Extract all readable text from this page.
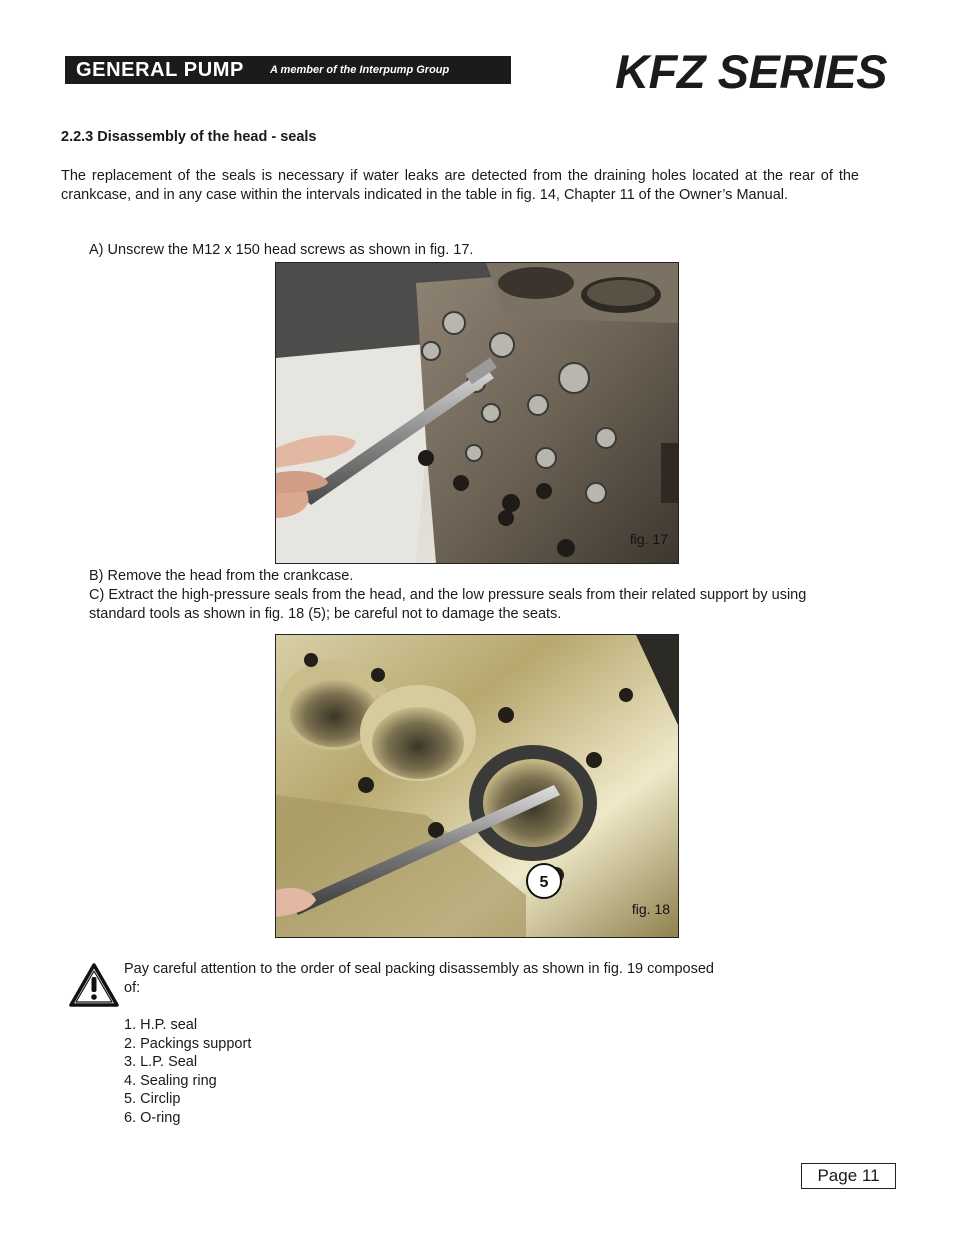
GENERAL PUMP A member of the Interpump Group	KFZ SERIES
2.2.3 Disassembly of the head - seals

The replacement of the seals is necessary if water leaks are detected from the draining holes located at the rear of the crankcase, and in any case within the intervals indicated in the table in fig. 14, Chapter 11 of the Owner’s Manual.

A) Unscrew the M12 x 150 head screws as shown in fig. 17.

fig. 17

B) Remove the head from the crankcase.

C) Extract the high-pressure seals from the head, and the low pressure seals from their related support by using standard tools as shown in fig. 18 (5); be careful not to damage the seats.

5
fig. 18

Pay careful attention to the order of seal packing disassembly as shown in fig. 19 composed of:

1. H.P. seal
2. Packings support
3. L.P. Seal
4. Sealing ring
5. Circlip
6. O-ring
Page 11
